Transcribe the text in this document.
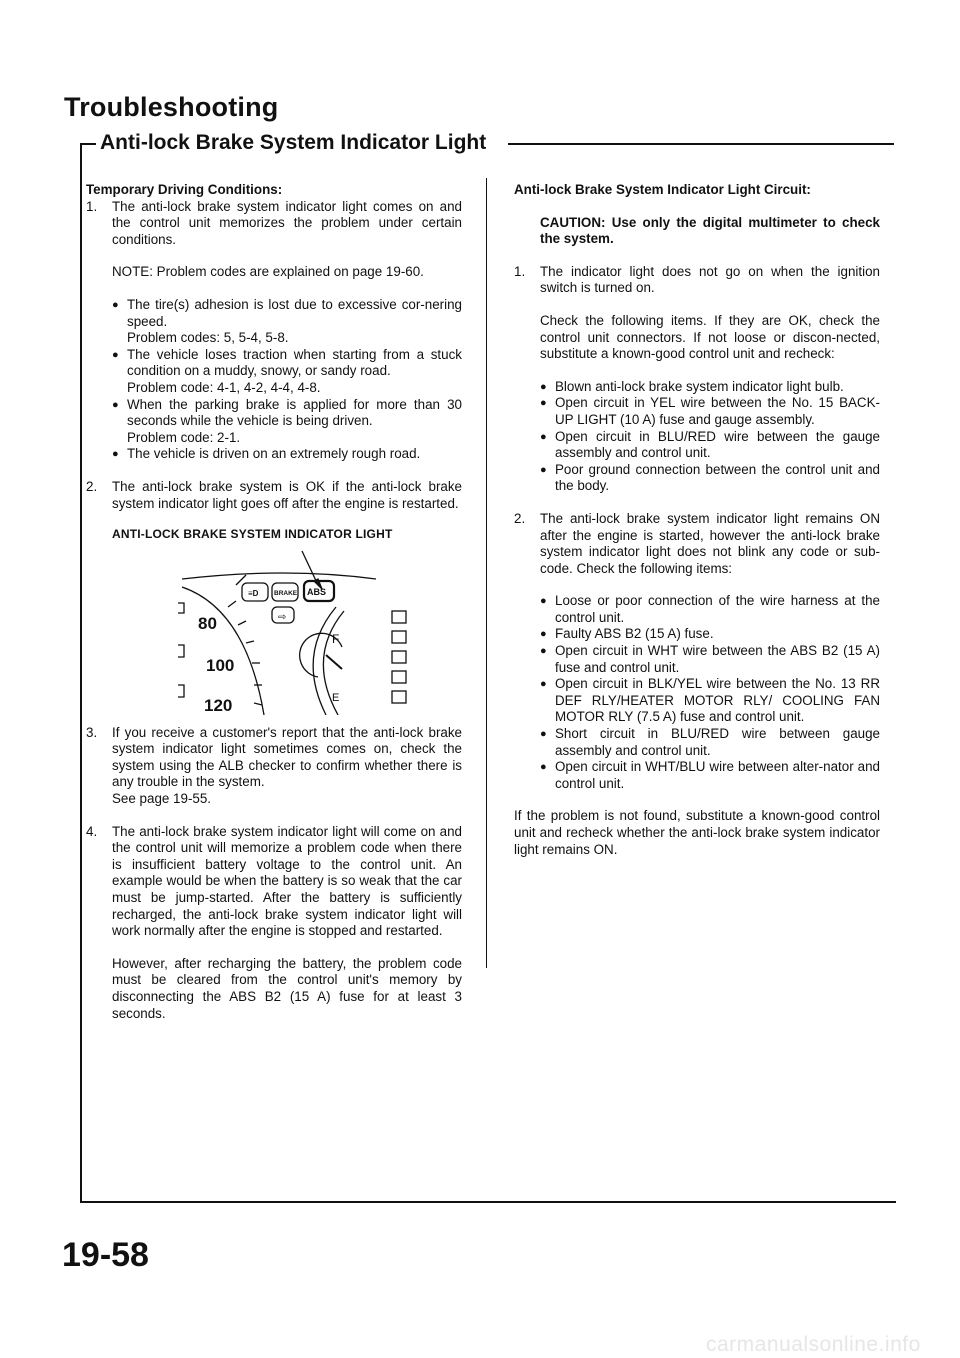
Troubleshooting
Anti-lock Brake System Indicator Light
Temporary Driving Conditions:
1.	The anti-lock brake system indicator light comes on and the control unit memorizes the problem under certain conditions.
NOTE: Problem codes are explained on page 19-60.
● The tire(s) adhesion is lost due to excessive cor-nering speed.
Problem codes: 5, 5-4, 5-8.
● The vehicle loses traction when starting from a stuck condition on a muddy, snowy, or sandy road.
Problem code: 4-1, 4-2, 4-4, 4-8.
● When the parking brake is applied for more than 30 seconds while the vehicle is being driven.
Problem code: 2-1.
● The vehicle is driven on an extremely rough road.
2.	The anti-lock brake system is OK if the anti-lock brake system indicator light goes off after the engine is restarted.
ANTI-LOCK BRAKE SYSTEM INDICATOR LIGHT
≡D BRAKE ABS
⇨
F
E
80
100
120
3.	If you receive a customer's report that the anti-lock brake system indicator light sometimes comes on, check the system using the ALB checker to confirm whether there is any trouble in the system.
See page 19-55.
4.	The anti-lock brake system indicator light will come on and the control unit will memorize a problem code when there is insufficient battery voltage to the control unit. An example would be when the battery is so weak that the car must be jump-started. After the battery is sufficiently recharged, the anti-lock brake system indicator light will work normally after the engine is stopped and restarted.
However, after recharging the battery, the problem code must be cleared from the control unit's memory by disconnecting the ABS B2 (15 A) fuse for at least 3 seconds.
Anti-lock Brake System Indicator Light Circuit:
CAUTION: Use only the digital multimeter to check the system.
1.	The indicator light does not go on when the ignition switch is turned on.
Check the following items. If they are OK, check the control unit connectors. If not loose or discon-nected, substitute a known-good control unit and recheck:
● Blown anti-lock brake system indicator light bulb.
● Open circuit in YEL wire between the No. 15 BACK-UP LIGHT (10 A) fuse and gauge assembly.
● Open circuit in BLU/RED wire between the gauge assembly and control unit.
● Poor ground connection between the control unit and the body.
2.	The anti-lock brake system indicator light remains ON after the engine is started, however the anti-lock brake system indicator light does not blink any code or sub-code. Check the following items:
● Loose or poor connection of the wire harness at the control unit.
● Faulty ABS B2 (15 A) fuse.
● Open circuit in WHT wire between the ABS B2 (15 A) fuse and control unit.
● Open circuit in BLK/YEL wire between the No. 13 RR DEF RLY/HEATER MOTOR RLY/ COOLING FAN MOTOR RLY (7.5 A) fuse and control unit.
● Short circuit in BLU/RED wire between gauge assembly and control unit.
● Open circuit in WHT/BLU wire between alter-nator and control unit.
If the problem is not found, substitute a known-good control unit and recheck whether the anti-lock brake system indicator light remains ON.
19-58
carmanualsonline.info
